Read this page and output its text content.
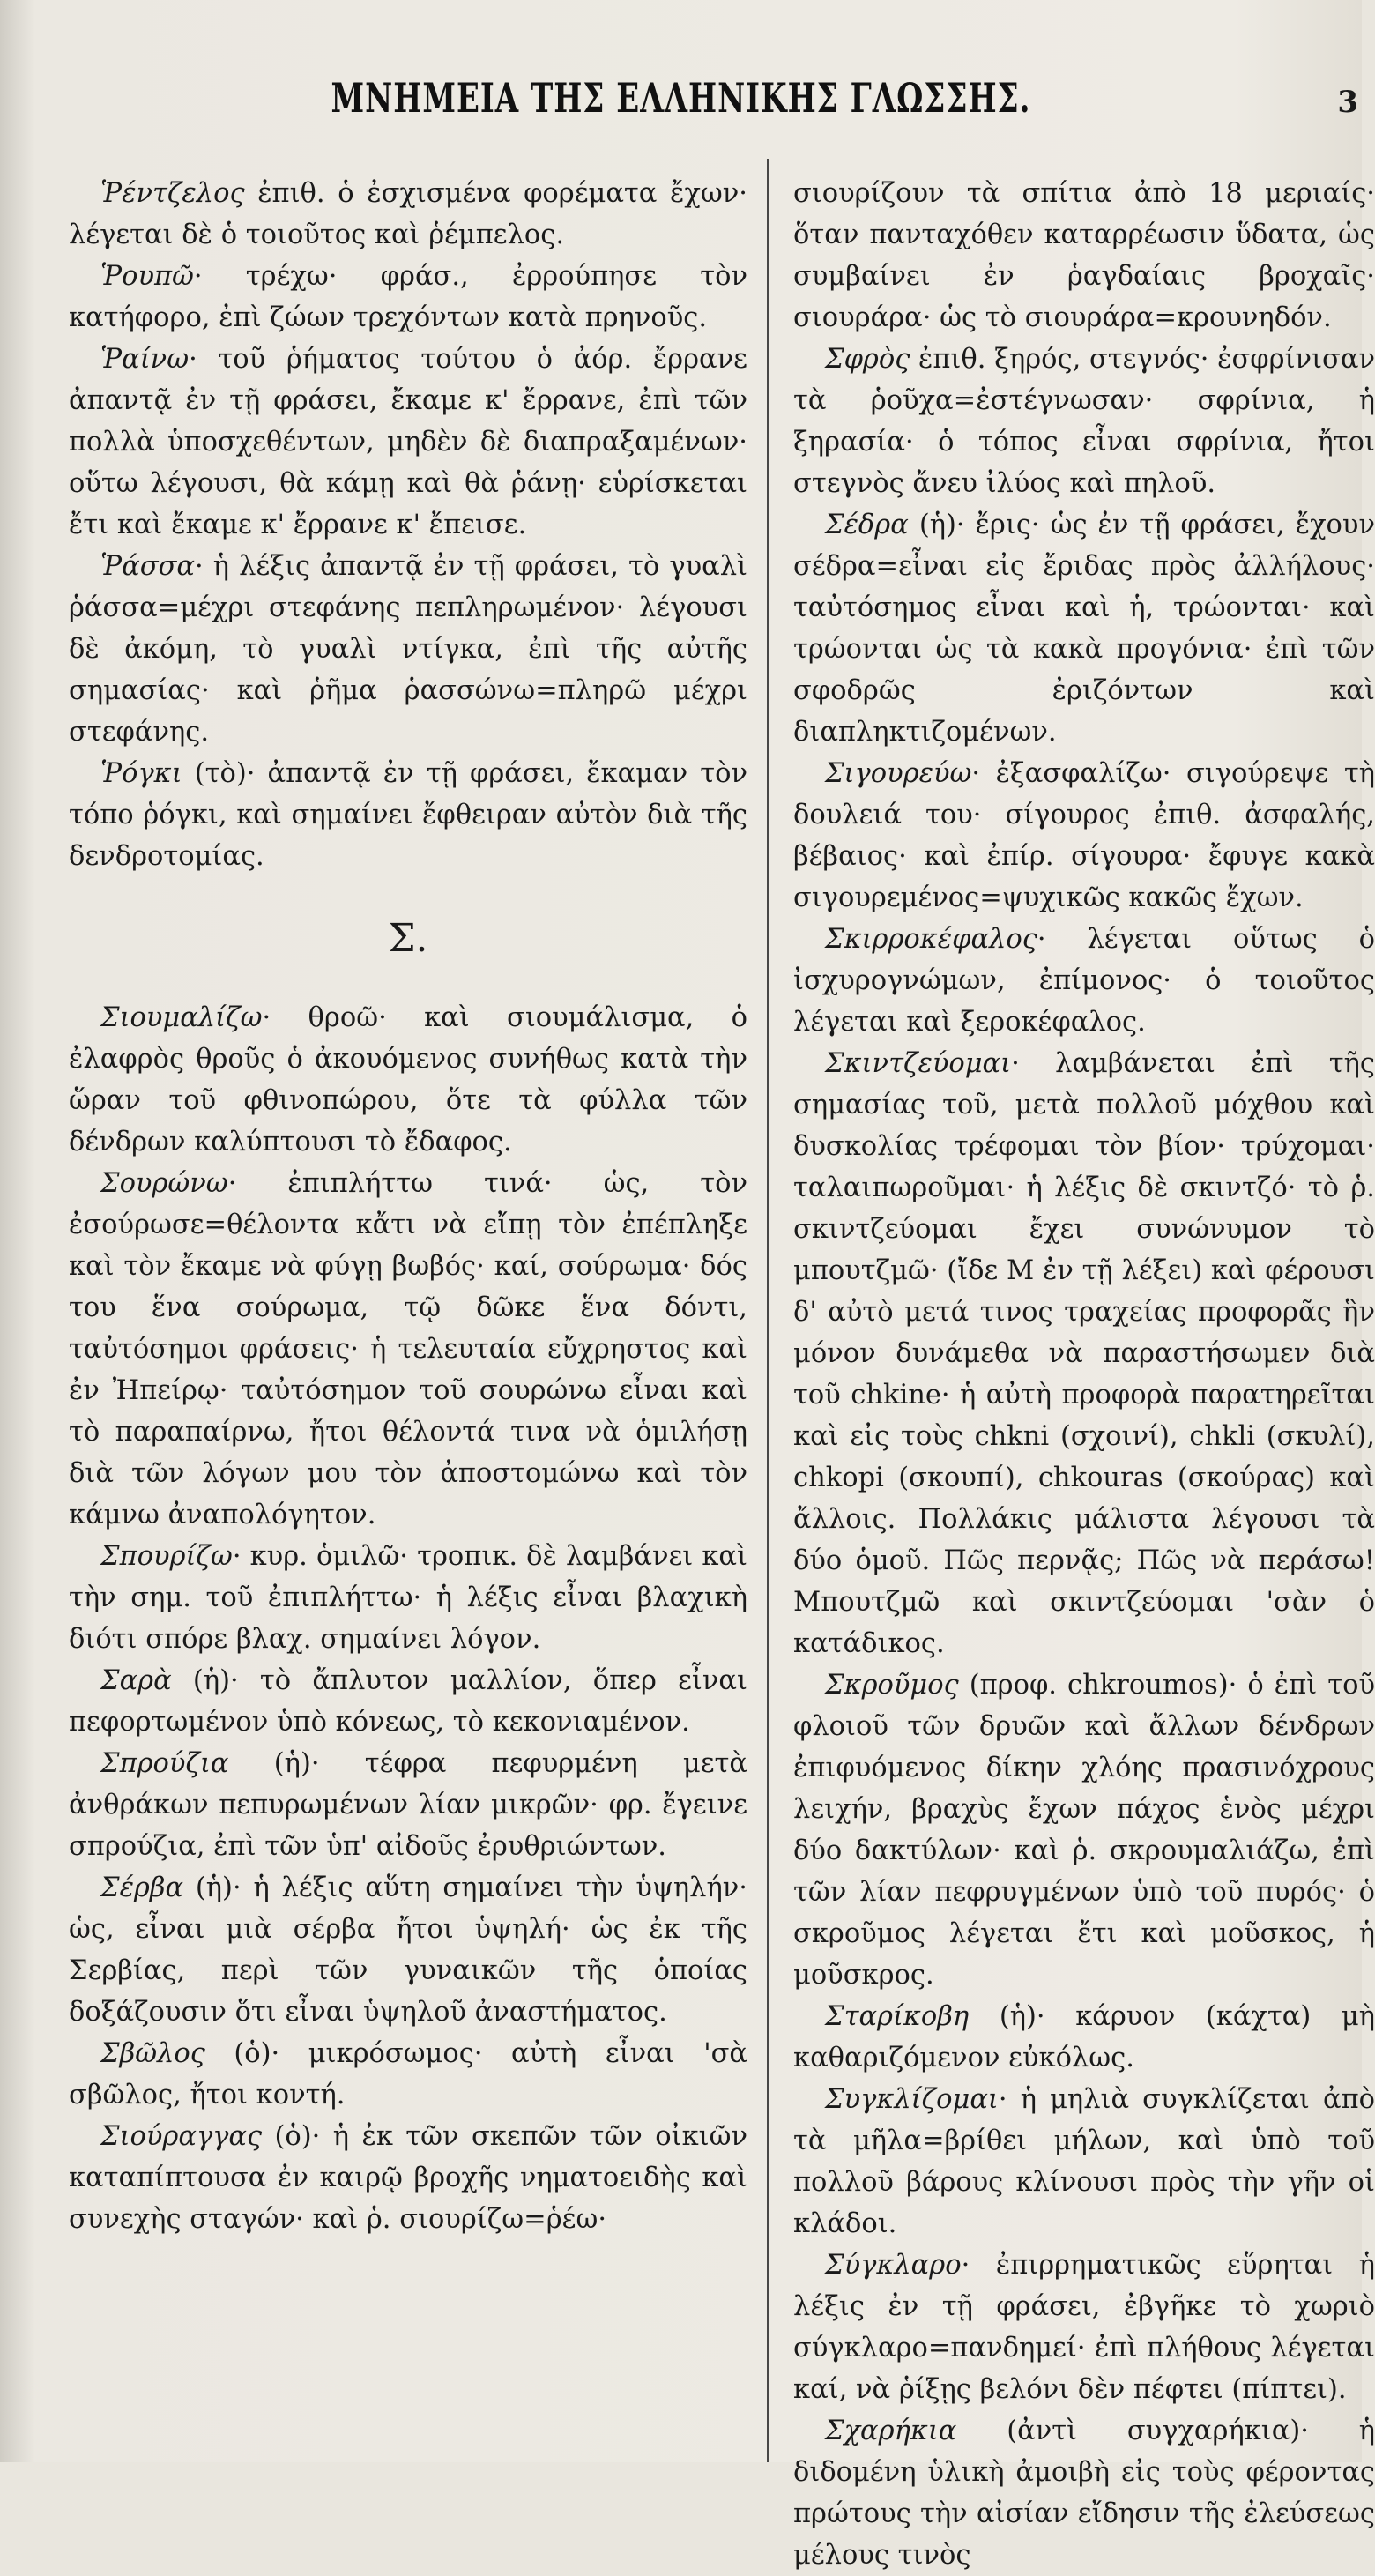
ΜΝΗΜΕΙΑ ΤΗΣ ΕΛΛΗΝΙΚΗΣ ΓΛΩΣΣΗΣ.	3

Ῥέντζελος ἐπιθ. ὁ ἐσχισμένα φορέματα ἔχων· λέγεται δὲ ὁ τοιοῦτος καὶ ῥέμπελος.

Ῥουπῶ· τρέχω· φράσ., ἐρρούπησε τὸν κατήφορο, ἐπὶ ζώων τρεχόντων κατὰ πρηνοῦς.

Ῥαίνω· τοῦ ῥήματος τούτου ὁ ἀόρ. ἔρρανε ἀπαντᾷ ἐν τῇ φράσει, ἔκαμε κ' ἔρρανε, ἐπὶ τῶν πολλὰ ὑποσχεθέντων, μηδὲν δὲ διαπραξαμένων· οὕτω λέγουσι, θὰ κάμῃ καὶ θὰ ῥάνῃ· εὑρίσκεται ἔτι καὶ ἔκαμε κ' ἔρρανε κ' ἔπεισε.

Ῥάσσα· ἡ λέξις ἀπαντᾷ ἐν τῇ φράσει, τὸ γυαλὶ ῥάσσα=μέχρι στεφάνης πεπληρωμένον· λέγουσι δὲ ἀκόμη, τὸ γυαλὶ ντίγκα, ἐπὶ τῆς αὐτῆς σημασίας· καὶ ῥῆμα ῥασσώνω=πληρῶ μέχρι στεφάνης.

Ῥόγκι (τὸ)· ἀπαντᾷ ἐν τῇ φράσει, ἔκαμαν τὸν τόπο ῥόγκι, καὶ σημαίνει ἔφθειραν αὐτὸν διὰ τῆς δενδροτομίας.

Σ.

Σιουμαλίζω· θροῶ· καὶ σιουμάλισμα, ὁ ἐλαφρὸς θροῦς ὁ ἀκουόμενος συνήθως κατὰ τὴν ὥραν τοῦ φθινοπώρου, ὅτε τὰ φύλλα τῶν δένδρων καλύπτουσι τὸ ἔδαφος.

Σουρώνω· ἐπιπλήττω τινά· ὡς, τὸν ἐσούρωσε=θέλοντα κἄτι νὰ εἴπῃ τὸν ἐπέπληξε καὶ τὸν ἔκαμε νὰ φύγῃ βωβός· καί, σούρωμα· δός του ἕνα σούρωμα, τῷ δῶκε ἕνα δόντι, ταὐτόσημοι φράσεις· ἡ τελευταία εὔχρηστος καὶ ἐν Ἠπείρῳ· ταὐτόσημον τοῦ σουρώνω εἶναι καὶ τὸ παραπαίρνω, ἤτοι θέλοντά τινα νὰ ὁμιλήσῃ διὰ τῶν λόγων μου τὸν ἀποστομώνω καὶ τὸν κάμνω ἀναπολόγητον.

Σπουρίζω· κυρ. ὁμιλῶ· τροπικ. δὲ λαμβάνει καὶ τὴν σημ. τοῦ ἐπιπλήττω· ἡ λέξις εἶναι βλαχικὴ διότι σπόρε βλαχ. σημαίνει λόγον.

Σαρὰ (ἡ)· τὸ ἄπλυτον μαλλίον, ὅπερ εἶναι πεφορτωμένον ὑπὸ κόνεως, τὸ κεκονιαμένον.

Σπρούζια (ἡ)· τέφρα πεφυρμένη μετὰ ἀνθράκων πεπυρωμένων λίαν μικρῶν· φρ. ἔγεινε σπρούζια, ἐπὶ τῶν ὑπ' αἰδοῦς ἐρυθριώντων.

Σέρβα (ἡ)· ἡ λέξις αὕτη σημαίνει τὴν ὑψηλήν· ὡς, εἶναι μιὰ σέρβα ἤτοι ὑψηλή· ὡς ἐκ τῆς Σερβίας, περὶ τῶν γυναικῶν τῆς ὁποίας δοξάζουσιν ὅτι εἶναι ὑψηλοῦ ἀναστήματος.

Σβῶλος (ὁ)· μικρόσωμος· αὐτὴ εἶναι 'σὰ σβῶλος, ἤτοι κοντή.

Σιούραγγας (ὁ)· ἡ ἐκ τῶν σκεπῶν τῶν οἰκιῶν καταπίπτουσα ἐν καιρῷ βροχῆς νηματοειδὴς καὶ συνεχὴς σταγών· καὶ ῥ. σιουρίζω=ῥέω·

σιουρίζουν τὰ σπίτια ἀπὸ 18 μεριαίς· ὅταν πανταχόθεν καταρρέωσιν ὕδατα, ὡς συμβαίνει ἐν ῥαγδαίαις βροχαῖς· σιουράρα· ὡς τὸ σιουράρα=κρουνηδόν.

Σφρὸς ἐπιθ. ξηρός, στεγνός· ἐσφρίνισαν τὰ ῥοῦχα=ἐστέγνωσαν· σφρίνια, ἡ ξηρασία· ὁ τόπος εἶναι σφρίνια, ἤτοι στεγνὸς ἄνευ ἰλύος καὶ πηλοῦ.

Σέδρα (ἡ)· ἔρις· ὡς ἐν τῇ φράσει, ἔχουν σέδρα=εἶναι εἰς ἔριδας πρὸς ἀλλήλους· ταὐτόσημος εἶναι καὶ ἡ, τρώονται· καὶ τρώονται ὡς τὰ κακὰ προγόνια· ἐπὶ τῶν σφοδρῶς ἐριζόντων καὶ διαπληκτιζομένων.

Σιγουρεύω· ἐξασφαλίζω· σιγούρεψε τὴ δουλειά του· σίγουρος ἐπιθ. ἀσφαλής, βέβαιος· καὶ ἐπίρ. σίγουρα· ἔφυγε κακὰ σιγουρεμένος=ψυχικῶς κακῶς ἔχων.

Σκιρροκέφαλος· λέγεται οὕτως ὁ ἰσχυρογνώμων, ἐπίμονος· ὁ τοιοῦτος λέγεται καὶ ξεροκέφαλος.

Σκιντζεύομαι· λαμβάνεται ἐπὶ τῆς σημασίας τοῦ, μετὰ πολλοῦ μόχθου καὶ δυσκολίας τρέφομαι τὸν βίον· τρύχομαι· ταλαιπωροῦμαι· ἡ λέξις δὲ σκιντζό· τὸ ῥ. σκιντζεύομαι ἔχει συνώνυμον τὸ μπουτζμῶ· (ἴδε Μ ἐν τῇ λέξει) καὶ φέρουσι δ' αὐτὸ μετά τινος τραχείας προφορᾶς ἣν μόνον δυνάμεθα νὰ παραστήσωμεν διὰ τοῦ chkine· ἡ αὐτὴ προφορὰ παρατηρεῖται καὶ εἰς τοὺς chkni (σχοινί), chkli (σκυλί), chkopi (σκουπί), chkouras (σκούρας) καὶ ἄλλοις. Πολλάκις μάλιστα λέγουσι τὰ δύο ὁμοῦ. Πῶς περνᾷς; Πῶς νὰ περάσω! Μπουτζμῶ καὶ σκιντζεύομαι 'σὰν ὁ κατάδικος.

Σκροῦμος (προφ. chkroumos)· ὁ ἐπὶ τοῦ φλοιοῦ τῶν δρυῶν καὶ ἄλλων δένδρων ἐπιφυόμενος δίκην χλόης πρασινόχρους λειχήν, βραχὺς ἔχων πάχος ἑνὸς μέχρι δύο δακτύλων· καὶ ῥ. σκρουμαλιάζω, ἐπὶ τῶν λίαν πεφρυγμένων ὑπὸ τοῦ πυρός· ὁ σκροῦμος λέγεται ἔτι καὶ μοῦσκος, ἡ μοῦσκρος.

Σταρίκοβη (ἡ)· κάρυον (κάχτα) μὴ καθαριζόμενον εὐκόλως.

Συγκλίζομαι· ἡ μηλιὰ συγκλίζεται ἀπὸ τὰ μῆλα=βρίθει μήλων, καὶ ὑπὸ τοῦ πολλοῦ βάρους κλίνουσι πρὸς τὴν γῆν οἱ κλάδοι.

Σύγκλαρο· ἐπιρρηματικῶς εὕρηται ἡ λέξις ἐν τῇ φράσει, ἐβγῆκε τὸ χωριὸ σύγκλαρο=πανδημεί· ἐπὶ πλήθους λέγεται καί, νὰ ῥίξῃς βελόνι δὲν πέφτει (πίπτει).

Σχαρήκια (ἀντὶ συγχαρήκια)· ἡ διδομένη ὑλικὴ ἀμοιβὴ εἰς τοὺς φέροντας πρώτους τὴν αἰσίαν εἴδησιν τῆς ἐλεύσεως μέλους τινὸς
